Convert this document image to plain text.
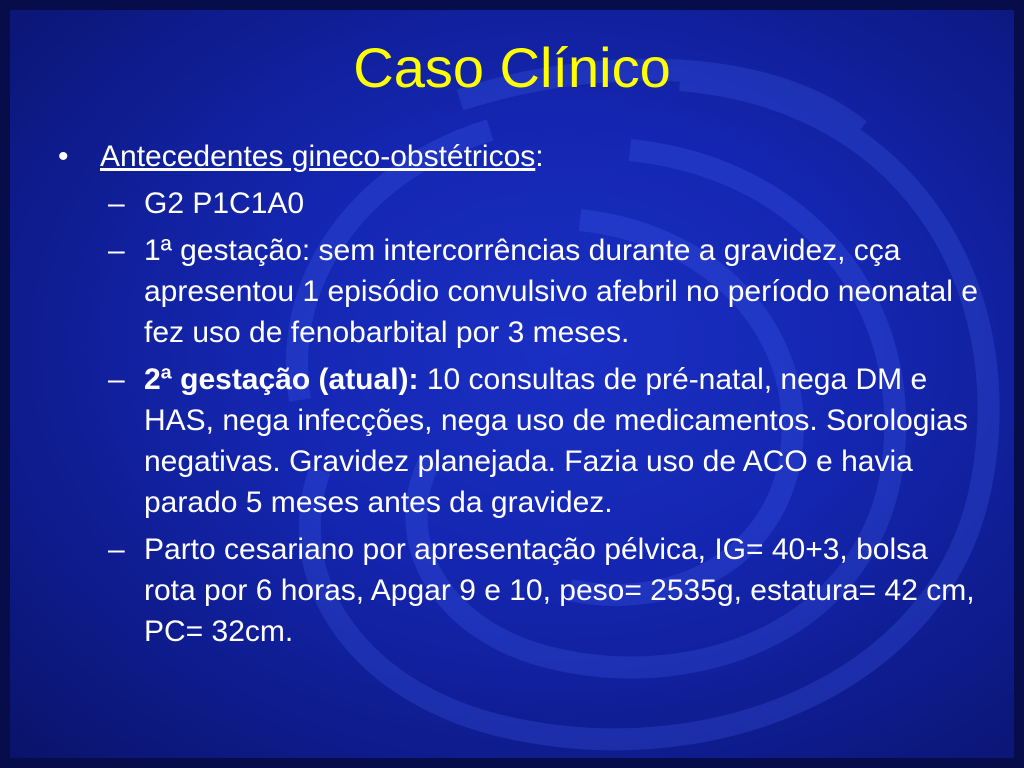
Caso Clínico
• Antecedentes gineco-obstétricos:
– G2 P1C1A0
– 1ª gestação: sem intercorrências durante a gravidez, cça apresentou 1 episódio convulsivo afebril no período neonatal e fez uso de fenobarbital por 3 meses.
– 2ª gestação (atual): 10 consultas de pré-natal, nega DM e HAS, nega infecções, nega uso de medicamentos. Sorologias negativas. Gravidez planejada. Fazia uso de ACO e havia parado 5 meses antes da gravidez.
– Parto cesariano por apresentação pélvica, IG= 40+3, bolsa rota por 6 horas, Apgar 9 e 10, peso= 2535g, estatura= 42 cm, PC= 32cm.
